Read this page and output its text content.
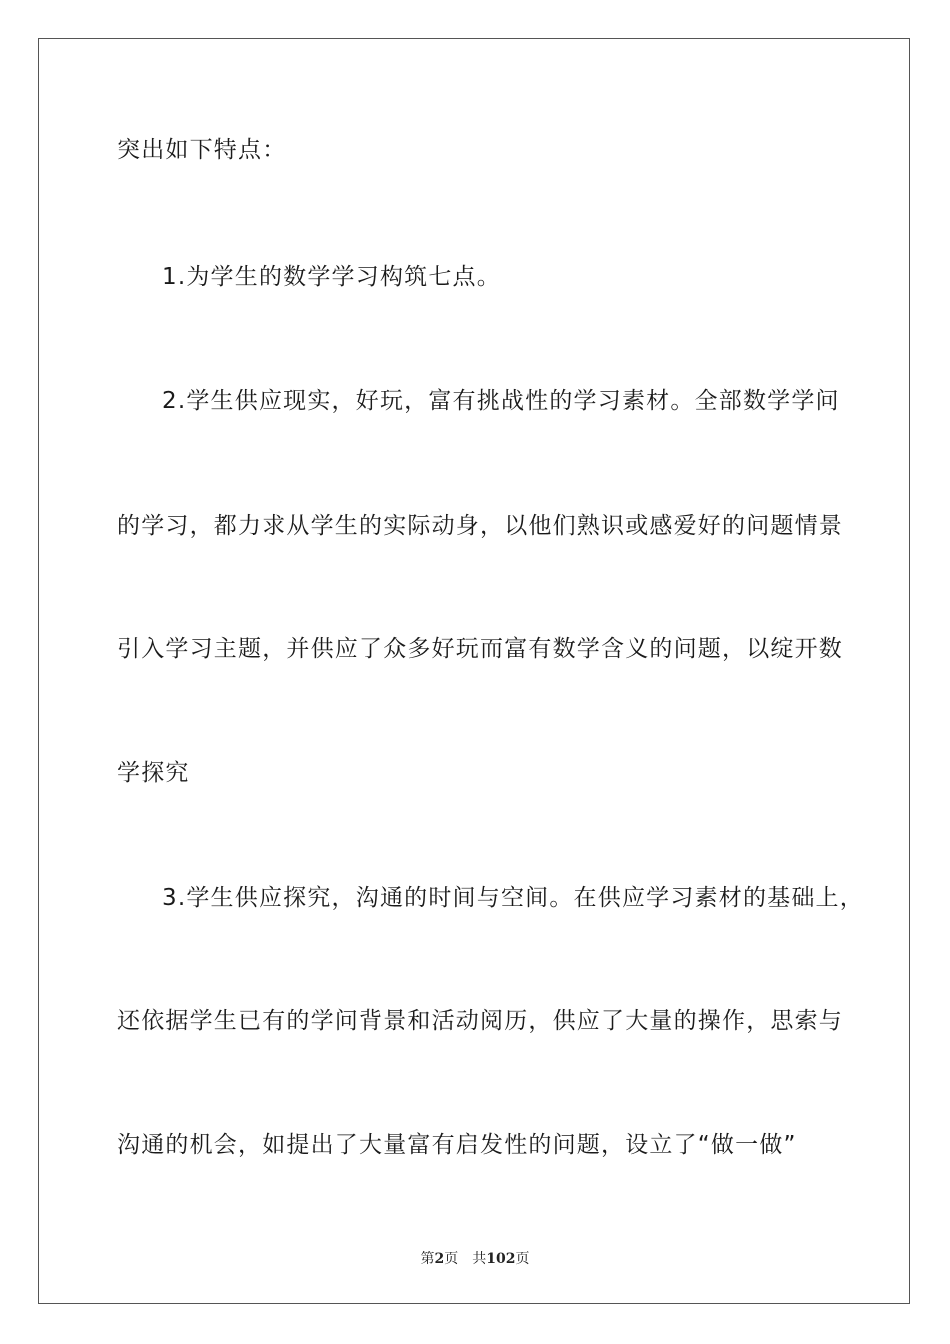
突出如下特点：
1.为学生的数学学习构筑七点。
2.学生供应现实，好玩，富有挑战性的学习素材。全部数学学问
的学习，都力求从学生的实际动身，以他们熟识或感爱好的问题情景
引入学习主题，并供应了众多好玩而富有数学含义的问题，以绽开数
学探究
3.学生供应探究，沟通的时间与空间。在供应学习素材的基础上，
还依据学生已有的学问背景和活动阅历，供应了大量的操作，思索与
沟通的机会，如提出了大量富有启发性的问题，设立了“做一做”
第2页 共102页
